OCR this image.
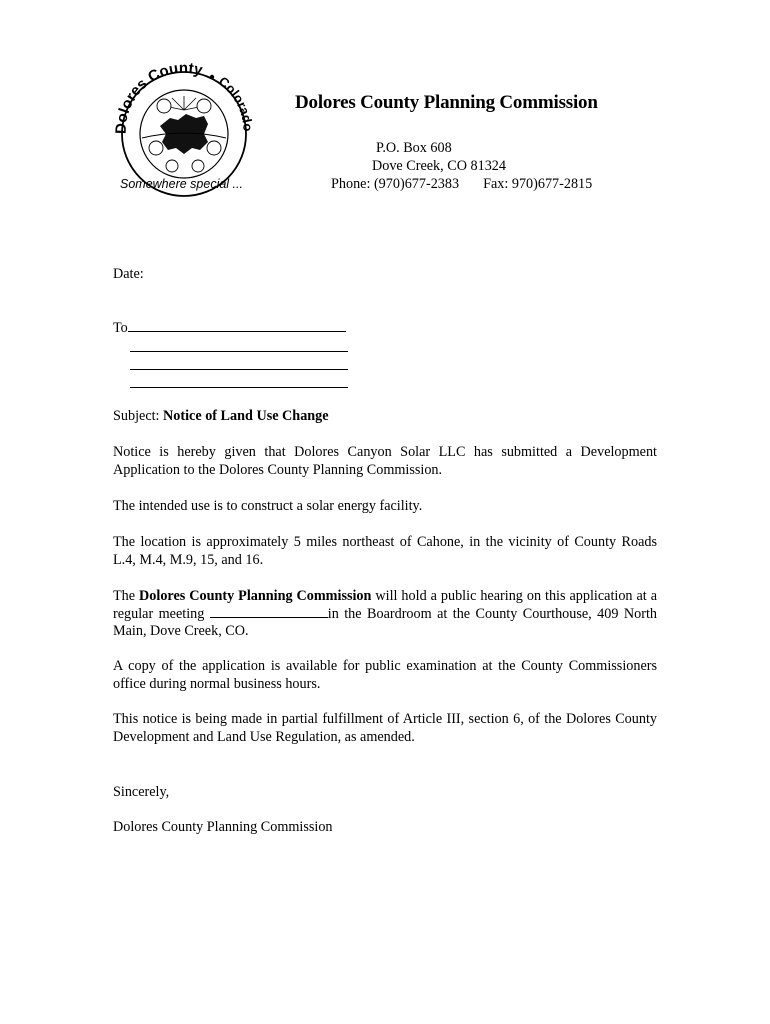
Dolores County
Colorado
Somewhere special ...
Dolores County Planning Commission
P.O. Box 608
Dove Creek, CO 81324
Phone: (970)677-2383 Fax: 970)677-2815
Date:
To
Subject: Notice of Land Use Change

Notice is hereby given that Dolores Canyon Solar LLC has submitted a Development Application to the Dolores County Planning Commission.

The intended use is to construct a solar energy facility.

The location is approximately 5 miles northeast of Cahone, in the vicinity of County Roads L.4, M.4, M.9, 15, and 16.

The Dolores County Planning Commission will hold a public hearing on this application at a regular meeting	in the Boardroom at the County Courthouse, 409 North Main, Dove Creek, CO.

A copy of the application is available for public examination at the County Commissioners office during normal business hours.

This notice is being made in partial fulfillment of Article III, section 6, of the Dolores County Development and Land Use Regulation, as amended.

Sincerely,
Dolores County Planning Commission
